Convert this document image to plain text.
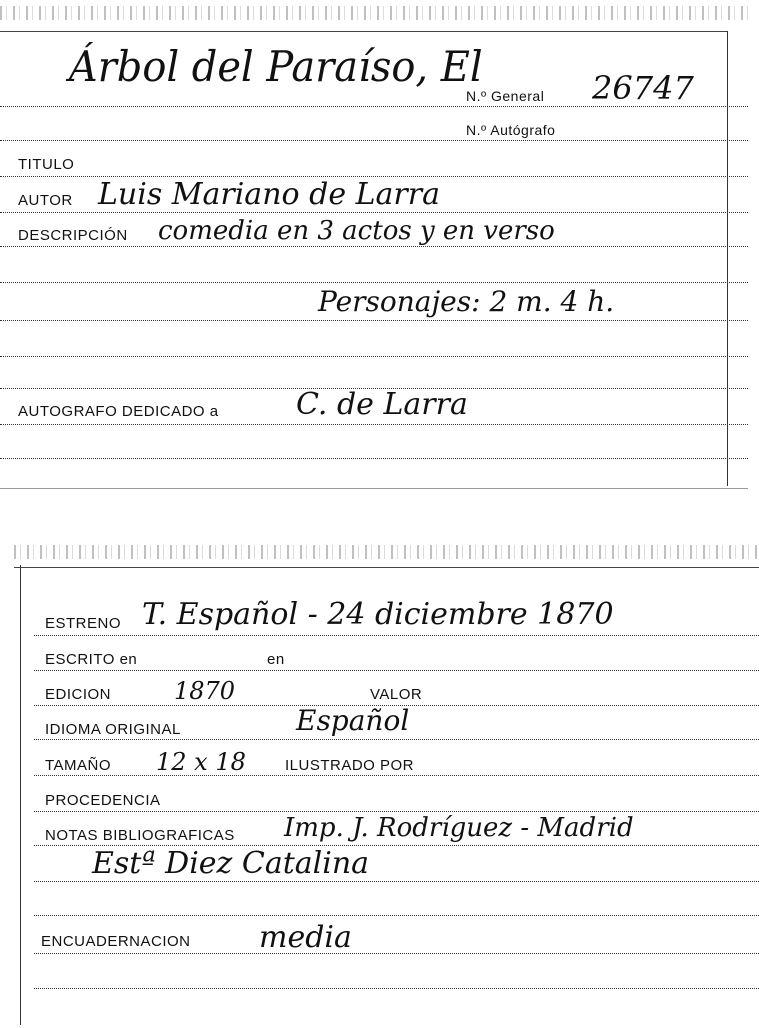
Árbol del Paraíso, El
N.º General 26747
N.º Autógrafo
TITULO
AUTOR Luis Mariano de Larra
DESCRIPCIÓN comedia en 3 actos y en verso
Personajes: 2 m. 4 h.
AUTOGRAFO DEDICADO a	C. de Larra
ESTRENO T. Español - 24 diciembre 1870
ESCRITO en	en
EDICION	1870	VALOR
IDIOMA ORIGINAL	Español
TAMAÑO 12 x 18	ILUSTRADO POR
PROCEDENCIA
NOTAS BIBLIOGRAFICAS Imp. J. Rodríguez - Madrid
Estª Diez Catalina
ENCUADERNACION media
